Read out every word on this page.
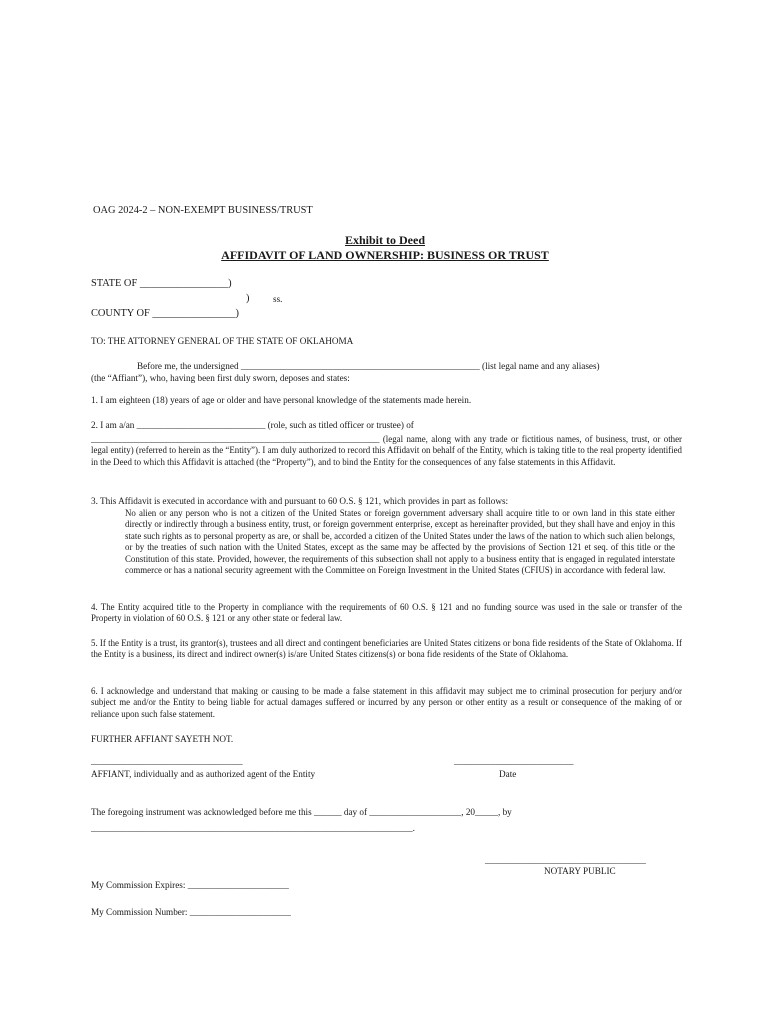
OAG 2024-2 – NON-EXEMPT BUSINESS/TRUST
Exhibit to Deed
AFFIDAVIT OF LAND OWNERSHIP: BUSINESS OR TRUST
STATE OF _________________)
)	ss.
COUNTY OF ________________)
TO: THE ATTORNEY GENERAL OF THE STATE OF OKLAHOMA
Before me, the undersigned ____________________________________________________ (list legal name and any aliases)
(the “Affiant”), who, having been first duly sworn, deposes and states:
1. I am eighteen (18) years of age or older and have personal knowledge of the statements made herein.
2. I am a/an ____________________________ (role, such as titled officer or trustee) of
_________________________________________________________________ (legal name, along with any trade or fictitious names, of business, trust, or other legal entity) (referred to herein as the “Entity”). I am duly authorized to record this Affidavit on behalf of the Entity, which is taking title to the real property identified in the Deed to which this Affidavit is attached (the “Property”), and to bind the Entity for the consequences of any false statements in this Affidavit.
3. This Affidavit is executed in accordance with and pursuant to 60 O.S. § 121, which provides in part as follows:
No alien or any person who is not a citizen of the United States or foreign government adversary shall acquire title to or own land in this state either directly or indirectly through a business entity, trust, or foreign government enterprise, except as hereinafter provided, but they shall have and enjoy in this state such rights as to personal property as are, or shall be, accorded a citizen of the United States under the laws of the nation to which such alien belongs, or by the treaties of such nation with the United States, except as the same may be affected by the provisions of Section 121 et seq. of this title or the Constitution of this state. Provided, however, the requirements of this subsection shall not apply to a business entity that is engaged in regulated interstate commerce or has a national security agreement with the Committee on Foreign Investment in the United States (CFIUS) in accordance with federal law.
4. The Entity acquired title to the Property in compliance with the requirements of 60 O.S. § 121 and no funding source was used in the sale or transfer of the Property in violation of 60 O.S. § 121 or any other state or federal law.
5. If the Entity is a trust, its grantor(s), trustees and all direct and contingent beneficiaries are United States citizens or bona fide residents of the State of Oklahoma. If the Entity is a business, its direct and indirect owner(s) is/are United States citizens(s) or bona fide residents of the State of Oklahoma.
6. I acknowledge and understand that making or causing to be made a false statement in this affidavit may subject me to criminal prosecution for perjury and/or subject me and/or the Entity to being liable for actual damages suffered or incurred by any person or other entity as a result or consequence of the making of or reliance upon such false statement.
FURTHER AFFIANT SAYETH NOT.
_________________________________
AFFIANT, individually and as authorized agent of the Entity
__________________________
Date
The foregoing instrument was acknowledged before me this ______ day of ____________________, 20_____, by
______________________________________________________________________.
___________________________________
NOTARY PUBLIC
My Commission Expires: ______________________
My Commission Number: ______________________
